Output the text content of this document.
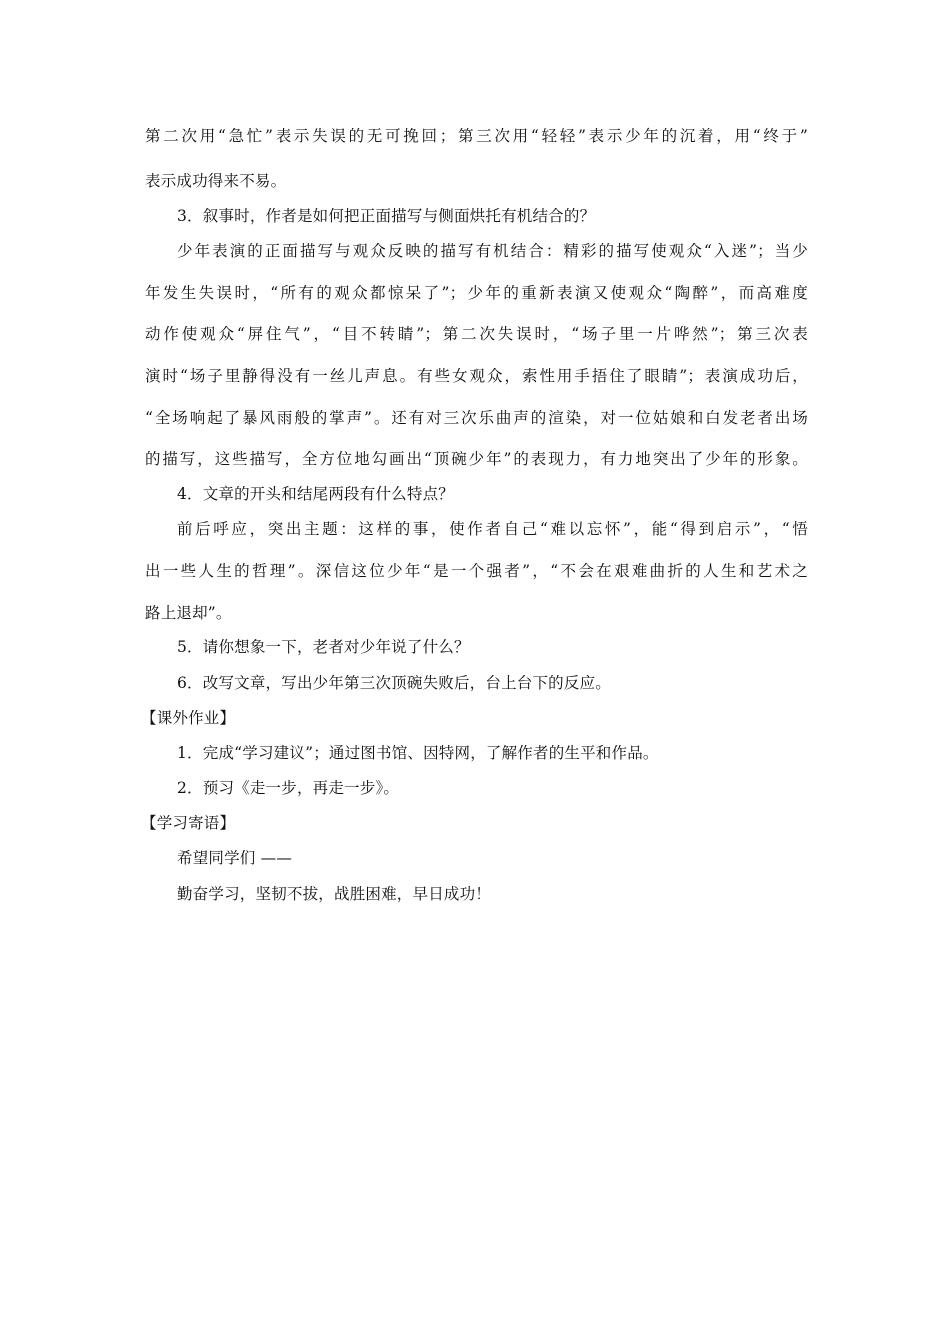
第二次用“急忙”表示失误的无可挽回；第三次用“轻轻”表示少年的沉着，用“终于”
表示成功得来不易。
3．叙事时，作者是如何把正面描写与侧面烘托有机结合的？
少年表演的正面描写与观众反映的描写有机结合：精彩的描写使观众“入迷”；当少
年发生失误时，“所有的观众都惊呆了”；少年的重新表演又使观众“陶醉”，而高难度
动作使观众“屏住气”，“目不转睛”；第二次失误时，“场子里一片哗然”；第三次表
演时“场子里静得没有一丝儿声息。有些女观众，索性用手捂住了眼睛”；表演成功后，
“全场响起了暴风雨般的掌声”。还有对三次乐曲声的渲染，对一位姑娘和白发老者出场
的描写，这些描写，全方位地勾画出“顶碗少年”的表现力，有力地突出了少年的形象。
4．文章的开头和结尾两段有什么特点？
前后呼应，突出主题：这样的事，使作者自己“难以忘怀”，能“得到启示”，“悟
出一些人生的哲理”。深信这位少年“是一个强者”，“不会在艰难曲折的人生和艺术之
路上退却”。
5．请你想象一下，老者对少年说了什么？
6．改写文章，写出少年第三次顶碗失败后，台上台下的反应。
【课外作业】
1．完成“学习建议”；通过图书馆、因特网，了解作者的生平和作品。
2．预习《走一步，再走一步》。
【学习寄语】
希望同学们 ——
勤奋学习，坚韧不拔，战胜困难，早日成功！
